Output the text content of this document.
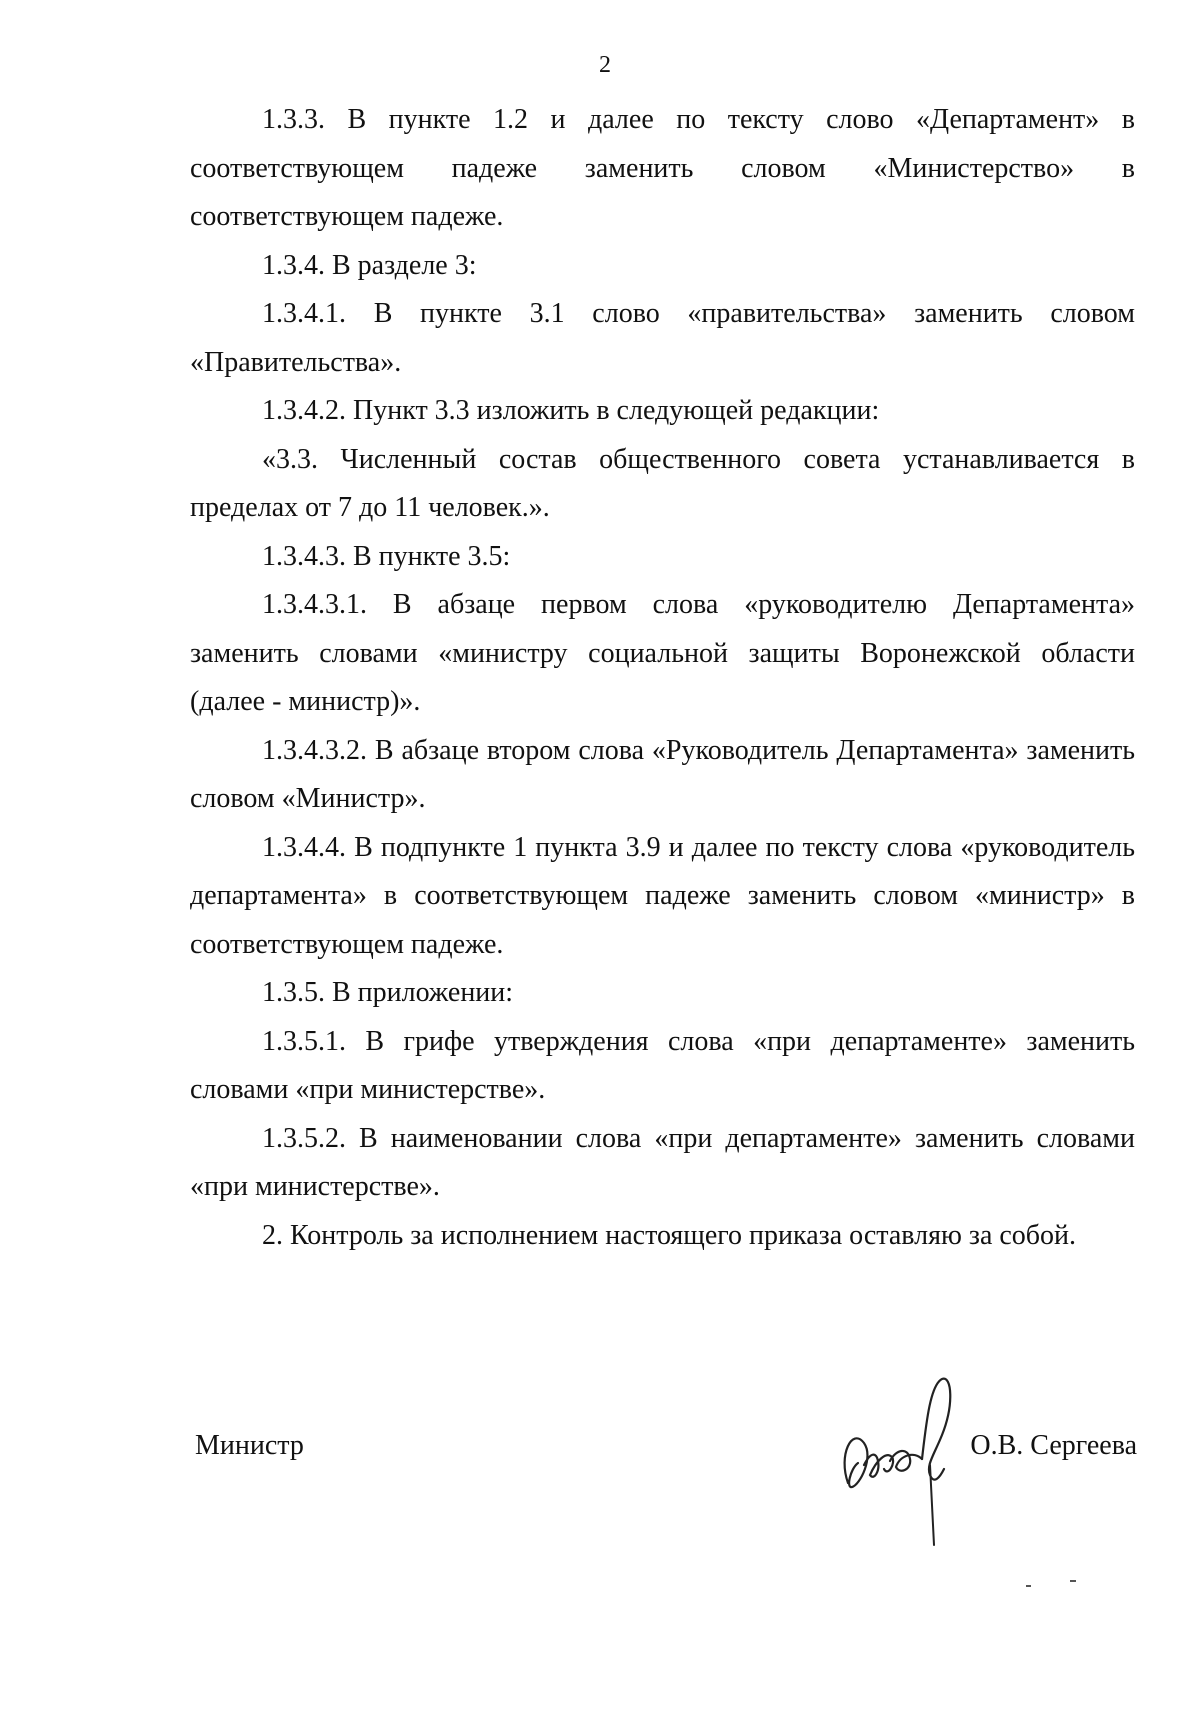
2

1.3.3. В пункте 1.2 и далее по тексту слово «Департамент» в соответствующем падеже заменить словом «Министерство» в соответствующем падеже.

1.3.4. В разделе 3:

1.3.4.1. В пункте 3.1 слово «правительства» заменить словом «Правительства».

1.3.4.2. Пункт 3.3 изложить в следующей редакции:

«3.3. Численный состав общественного совета устанавливается в пределах от 7 до 11 человек.».

1.3.4.3. В пункте 3.5:

1.3.4.3.1. В абзаце первом слова «руководителю Департамента» заменить словами «министру социальной защиты Воронежской области (далее - министр)».

1.3.4.3.2. В абзаце втором слова «Руководитель Департамента» заменить словом «Министр».

1.3.4.4. В подпункте 1 пункта 3.9 и далее по тексту слова «руководитель департамента» в соответствующем падеже заменить словом «министр» в соответствующем падеже.

1.3.5. В приложении:

1.3.5.1. В грифе утверждения слова «при департаменте» заменить словами «при министерстве».

1.3.5.2. В наименовании слова «при департаменте» заменить словами «при министерстве».

2. Контроль за исполнением настоящего приказа оставляю за собой.

Министр	О.В. Сергеева
